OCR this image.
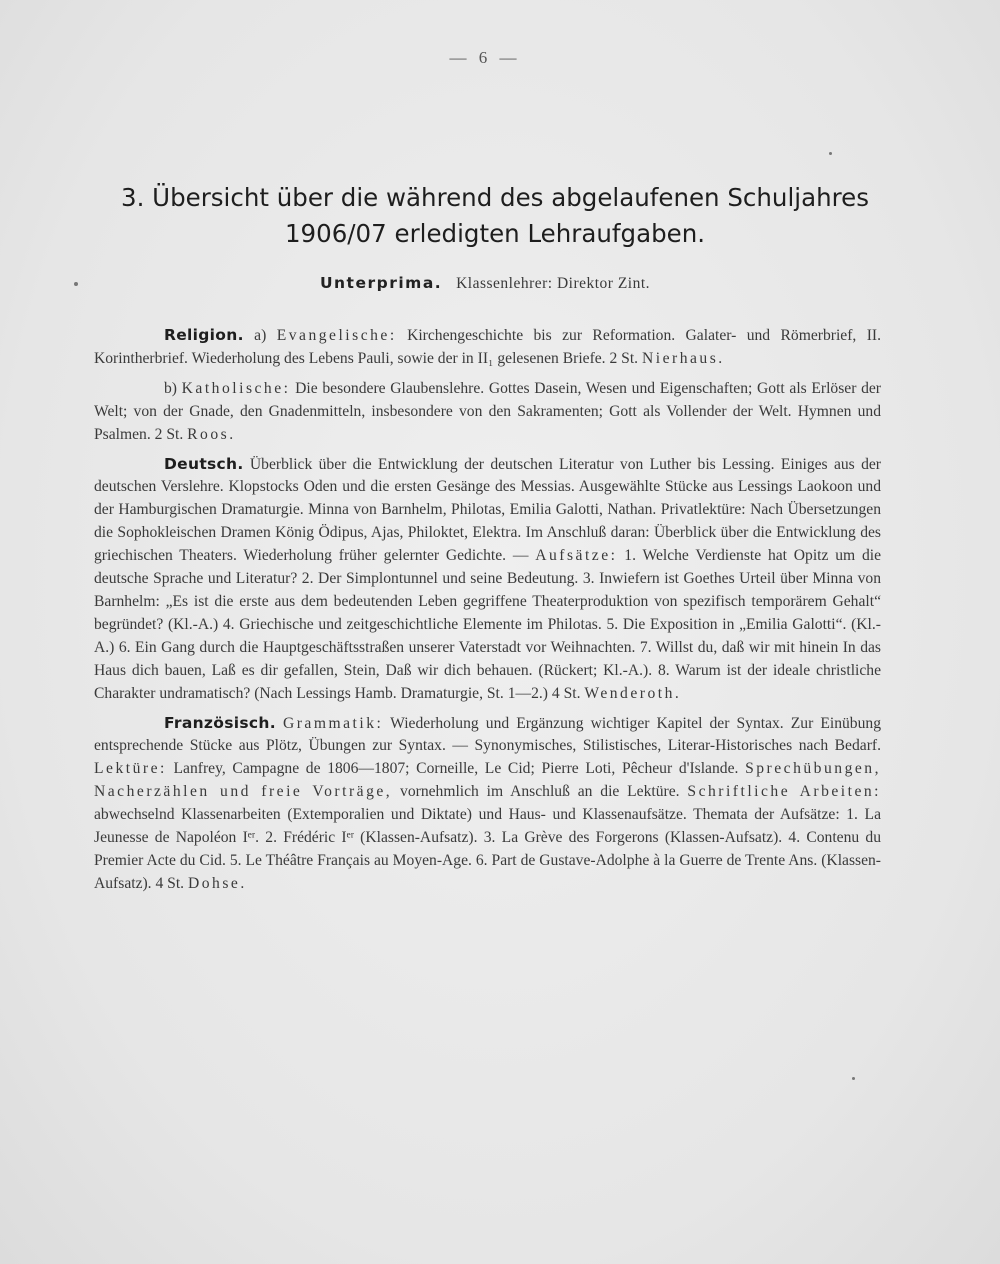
— 6 —
3. Übersicht über die während des abgelaufenen Schuljahres
1906/07 erledigten Lehraufgaben.
Unterprima. Klassenlehrer: Direktor Zint.

Religion. a) Evangelische: Kirchengeschichte bis zur Reformation. Galater- und Römerbrief, II. Korintherbrief. Wiederholung des Lebens Pauli, sowie der in II₁ gelesenen Briefe. 2 St. Nierhaus.

b) Katholische: Die besondere Glaubenslehre. Gottes Dasein, Wesen und Eigenschaften; Gott als Erlöser der Welt; von der Gnade, den Gnadenmitteln, insbesondere von den Sakramenten; Gott als Vollender der Welt. Hymnen und Psalmen. 2 St. Roos.

Deutsch. Überblick über die Entwicklung der deutschen Literatur von Luther bis Lessing. Einiges aus der deutschen Verslehre. Klopstocks Oden und die ersten Gesänge des Messias. Ausgewählte Stücke aus Lessings Laokoon und der Hamburgischen Dramaturgie. Minna von Barnhelm, Philotas, Emilia Galotti, Nathan. Privatlektüre: Nach Übersetzungen die Sophokleischen Dramen König Ödipus, Ajas, Philoktet, Elektra. Im Anschluß daran: Überblick über die Entwicklung des griechischen Theaters. Wiederholung früher gelernter Gedichte. — Aufsätze: 1. Welche Verdienste hat Opitz um die deutsche Sprache und Literatur? 2. Der Simplontunnel und seine Bedeutung. 3. Inwiefern ist Goethes Urteil über Minna von Barnhelm: „Es ist die erste aus dem bedeutenden Leben gegriffene Theaterproduktion von spezifisch temporärem Gehalt“ begründet? (Kl.-A.) 4. Griechische und zeitgeschichtliche Elemente im Philotas. 5. Die Exposition in „Emilia Galotti“. (Kl.-A.) 6. Ein Gang durch die Hauptgeschäftsstraßen unserer Vaterstadt vor Weihnachten. 7. Willst du, daß wir mit hinein In das Haus dich bauen, Laß es dir gefallen, Stein, Daß wir dich behauen. (Rückert; Kl.-A.). 8. Warum ist der ideale christliche Charakter undramatisch? (Nach Lessings Hamb. Dramaturgie, St. 1—2.) 4 St. Wenderoth.

Französisch. Grammatik: Wiederholung und Ergänzung wichtiger Kapitel der Syntax. Zur Einübung entsprechende Stücke aus Plötz, Übungen zur Syntax. — Synonymisches, Stilistisches, Literar-Historisches nach Bedarf. Lektüre: Lanfrey, Campagne de 1806—1807; Corneille, Le Cid; Pierre Loti, Pêcheur d'Islande. Sprechübungen, Nacherzählen und freie Vorträge, vornehmlich im Anschluß an die Lektüre. Schriftliche Arbeiten: abwechselnd Klassenarbeiten (Extemporalien und Diktate) und Haus- und Klassenaufsätze. Themata der Aufsätze: 1. La Jeunesse de Napoléon Iᵉʳ. 2. Frédéric Iᵉʳ (Klassen-Aufsatz). 3. La Grève des Forgerons (Klassen-Aufsatz). 4. Contenu du Premier Acte du Cid. 5. Le Théâtre Français au Moyen-Age. 6. Part de Gustave-Adolphe à la Guerre de Trente Ans. (Klassen-Aufsatz). 4 St. Dohse.
